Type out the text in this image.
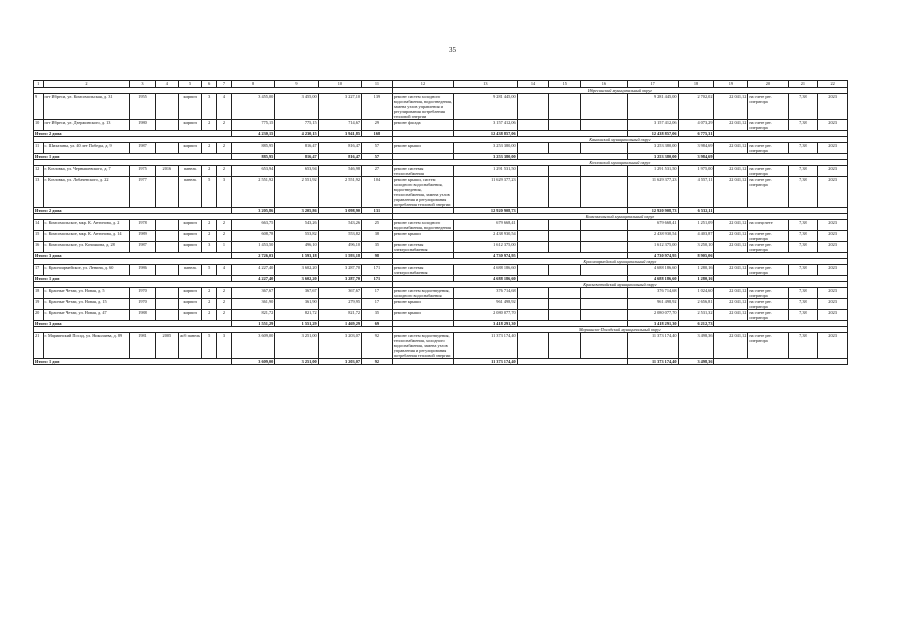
35
1	2	3	4	5	6	7	8	9	10	11	12	13	14	15	16	17	18	19	20	21	22
											Ибресинский муниципальный округ										
9	пгт Ибреси, ул. Комсомольская, д. 31	1955		кирпич	3	4	3 455,00	3 455,00	3 227,10	139	ремонт систем холодного водоснабжения, водоотведения, замена узлов управления и регулирования потребления тепловой энергии	9 281 445,00				9 281 445,00	2 702,02	22 041,12	на счете рег. оператора	7,38	2023
10	пгт Ибреси, ул. Дзержинского, д. 13	1980		кирпич	2	2	775,15	775,15	714,67	29	ремонт фасада	3 157 412,06				3 157 412,06	4 073,29	22 041,12	на счете рег. оператора	7,38	2023
Итого: 2 дома							4 230,15	4 230,15	3 941,85	168		12 438 857,06				12 438 857,06	6 775,31				
											Канашский муниципальный округ										
11	с. Шихазаны, ул. 40 лет Победы, д. 9	1987		кирпич	2	2	885,95	816,47	816,47	57	ремонт крыши	3 253 380,00				3 253 380,00	3 984,69	22 041,12	на счете рег. оператора	7,38	2023
Итого: 1 дом							885,95	816,47	816,47	57		3 253 380,00				3 253 380,00	3 984,69				
											Козловский муниципальный округ										
12	г. Козловка, ул. Чернышевского, д. 7	1975	2016	панель	2	2	653,94	653,94	546,98	27	ремонт системы теплоснабжения	1 291 531,50				1 291 531,50	1 975,00	22 041,12	на счете рег. оператора	7,38	2023
13	г. Козловка, ул. Лобачевского, д. 22	1977		панель	5	3	2 551,92	2 551,92	2 551,92	104	ремонт крыши, систем холодного водоснабжения, водоотведения, теплоснабжения, замена узлов управления и регулирования потребления тепловой энергии	11 629 377,23				11 629 377,23	4 557,11	22 041,12	на счете рег. оператора	7,38	2023
Итого: 2 дома							3 205,86	3 205,86	3 098,90	131		12 920 908,73				12 920 908,73	6 532,11				
											Комсомольский муниципальный округ										
14	с. Комсомольское, мкр. К. Антонова, д. 2	1978		кирпич	2	2	663,75	543,26	543,26	25	ремонт систем холодного водоснабжения, водоотведения	679 668,41				679 668,41	1 251,09	22 041,12	на спецсчете	7,38	2023
15	с. Комсомольское, мкр. К. Антонова, д. 14	1989		кирпич	2	2	608,78	553,82	553,82	38	ремонт крыши	2 438 930,54				2 438 930,54	4 403,87	22 041,12	на счете рег. оператора	7,38	2023
16	с. Комсомольское, ул. Кочоякова, д. 28	1987		кирпич	3	1	1 453,50	496,10	496,10	35	ремонт системы электроснабжения	1 612 375,00				1 612 375,00	3 250,10	22 041,12	на счете рег. оператора	7,38	2023
Итого: 3 дома							2 726,03	1 593,18	1 593,18	98		4 730 974,95				4 730 974,95	8 905,06				
											Красноармейский муниципальный округ										
17	с. Красноармейское, ул. Ленина, д. 60	1986		панель	5	4	4 227,40	3 602,20	3 287,70	171	ремонт системы электроснабжения	4 688 186,60				4 688 186,60	1 280,16	22 041,12	на счете рег. оператора	7,38	2023
Итого: 1 дом							4 227,40	3 602,20	3 287,70	171		4 688 186,60				4 688 186,60	1 280,16				
											Красночетайский муниципальный округ										
18	с. Красные Четаи, ул. Новая, д. 5	1970		кирпич	2	2	367,67	367,67	367,67	17	ремонт систем водоотведения, холодного водоснабжения	376 714,68				376 714,68	1 024,60	22 041,12	на счете рег. оператора	7,38	2023
19	с. Красные Четаи, ул. Новая, д. 15	1970		кирпич	2	2	361,90	361,90	279,95	17	ремонт крыши	961 498,92				961 498,92	2 656,81	22 041,12	на счете рег. оператора	7,38	2023
20	с. Красные Четаи, ул. Новая, д. 47	1988		кирпич	2	2	821,72	821,72	821,72	35	ремонт крыши	2 080 077,70				2 080 077,70	2 531,32	22 041,12	на счете рег. оператора	7,38	2023
Итого: 3 дома							1 551,29	1 551,29	1 469,29	69		3 418 291,30				3 418 291,30	6 212,73				
											Мариинско-Посадский муниципальный округ										
21	г. Мариинский Посад, ул. Николаева, д. 89	1981	2005	ж/б панель	5	3	3 609,00	3 251,00	3 203,07	92	ремонт систем водоотведения, теплоснабжения, холодного водоснабжения, замена узлов управления и регулирования потребления тепловой энергии	11 373 174,40				11 373 174,40	3 498,36	22 041,12	на счете рег. оператора	7,38	2023
Итого: 1 дом							3 609,00	3 251,00	3 203,07	92		11 373 174,40				11 373 174,40	3 498,36				
